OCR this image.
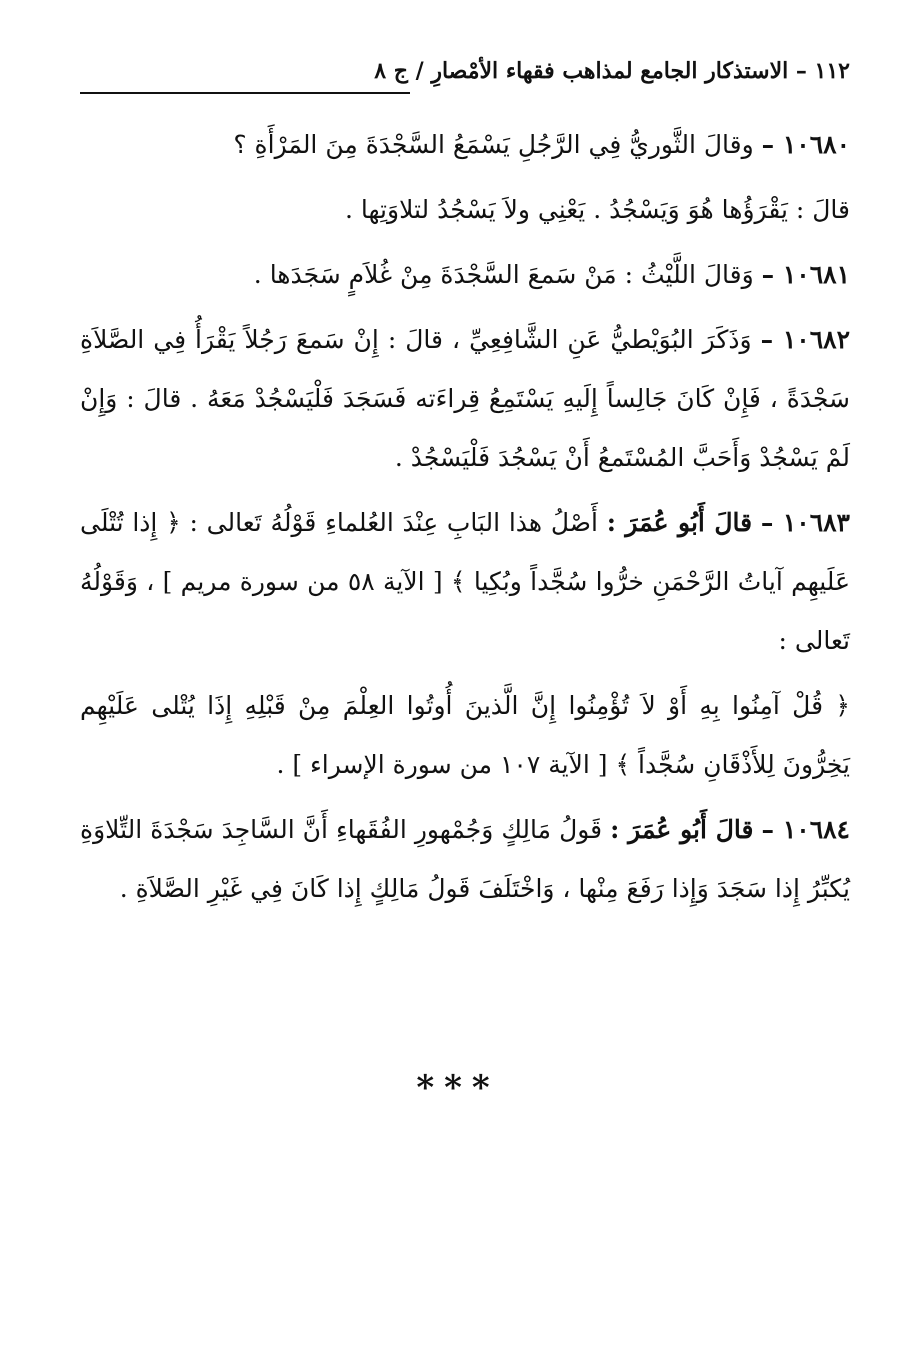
١١٢ – الاستذكار الجامع لمذاهب فقهاء الأمْصارِ / ج ٨

١٠٦٨٠ – وقالَ الثَّوريُّ فِي الرَّجُلِ يَسْمَعُ السَّجْدَةَ مِنَ المَرْأَةِ ؟

قالَ : يَقْرَؤُها هُوَ وَيَسْجُدُ . يَعْنِي ولاَ يَسْجُدُ لتلاوَتِها .

١٠٦٨١ – وَقالَ اللَّيْثُ : مَنْ سَمعَ السَّجْدَةَ مِنْ غُلاَمٍ سَجَدَها .

١٠٦٨٢ – وَذَكَرَ البُوَيْطيُّ عَنِ الشَّافِعِيِّ ، قالَ : إِنْ سَمعَ رَجُلاً يَقْرَأُ فِي الصَّلاَةِ سَجْدَةً ، فَإِنْ كَانَ جَالِساً إِلَيهِ يَسْتَمِعُ قِراءَته فَسَجَدَ فَلْيَسْجُدْ مَعَهُ . قالَ : وَإِنْ لَمْ يَسْجُدْ وَأَحَبَّ المُسْتَمعُ أَنْ يَسْجُدَ فَلْيَسْجُدْ .

١٠٦٨٣ – قالَ أَبُو عُمَرَ : أَصْلُ هذا البَابِ عِنْدَ العُلماءِ قَوْلُهُ تَعالى : ﴿ إِذا تُتْلَى عَلَيهِم آياتُ الرَّحْمَنِ خرُّوا سُجَّداً وبُكِيا ﴾ [ الآية ٥٨ من سورة مريم ] ، وَقَوْلُهُ تَعالى :

﴿ قُلْ آمِنُوا بِهِ أَوْ لاَ تُؤْمِنُوا إِنَّ الَّذينَ أُوتُوا العِلْمَ مِنْ قَبْلِهِ إِذَا يُتْلى عَلَيْهِم يَخِرُّونَ لِلأَذْقَانِ سُجَّداً ﴾ [ الآية ١٠٧ من سورة الإسراء ] .

١٠٦٨٤ – قالَ أَبُو عُمَرَ : قَولُ مَالِكٍ وَجُمْهورِ الفُقَهاءِ أَنَّ السَّاجِدَ سَجْدَةَ التِّلاوَةِ يُكبِّرُ إِذا سَجَدَ وَإِذا رَفَعَ مِنْها ، وَاخْتَلَفَ قَولُ مَالِكٍ إِذا كَانَ فِي غَيْرِ الصَّلاَةِ .

***
